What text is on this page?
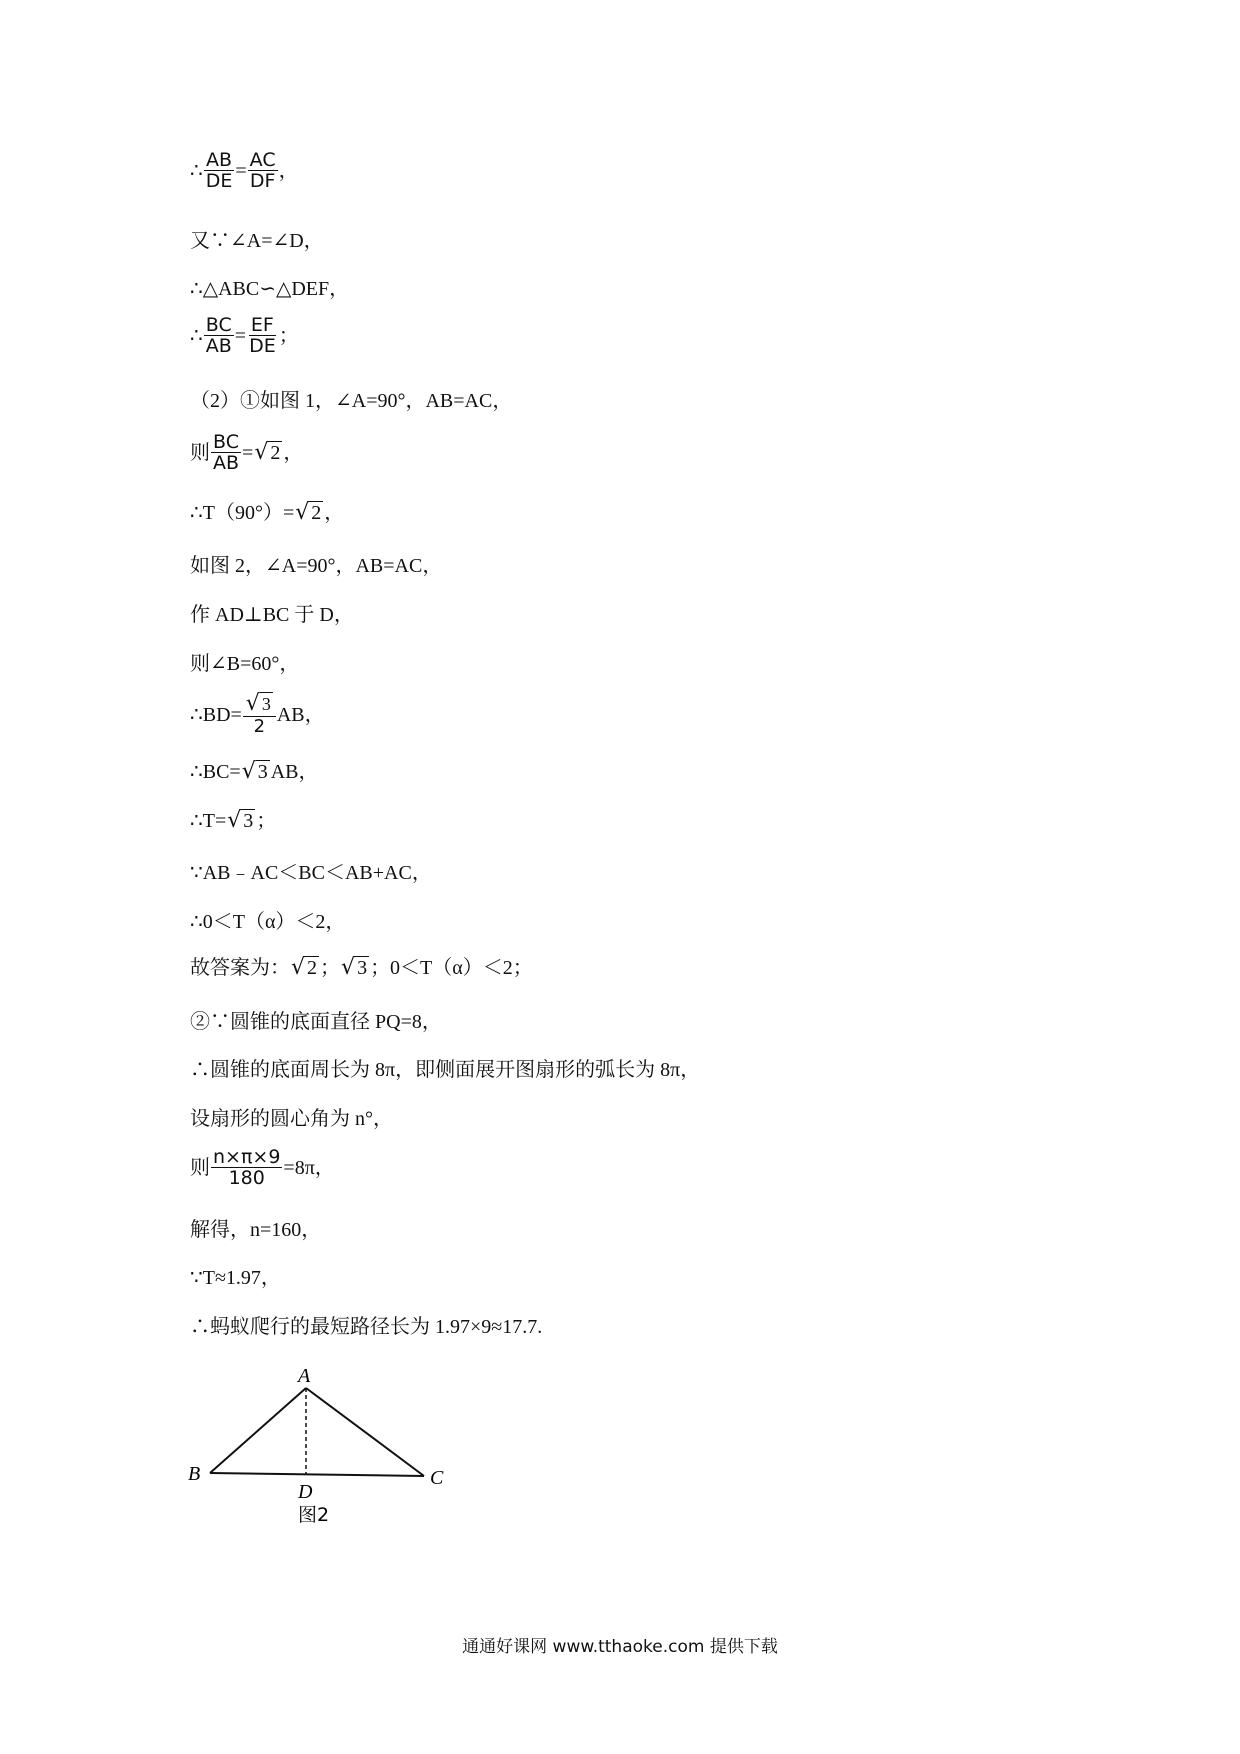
∴ $\frac{AB}{DE} = \frac{AC}{DF}$ ，
又∵∠A=∠D，
∴△ABC∽△DEF，
∴ $\frac{BC}{AB} = \frac{EF}{DE}$ ；
（2）①如图 1，∠A=90°，AB=AC，
则 $\frac{BC}{AB}$ = √ 2 ，
∴T（90°）= √ 2 ，
如图 2，∠A=90°，AB=AC，
作 AD⊥BC 于 D，
则∠B=60°，
∴BD= $\frac{√ 3}{2}$ AB，
∴BC= √ 3 AB，
∴T= √ 3 ；
∵AB﹣AC＜BC＜AB+AC，
∴0＜T（α）＜2，
故答案为： √ 2 ； √ 3 ；0＜T（α）＜2；
②∵圆锥的底面直径 PQ=8，
∴圆锥的底面周长为 8π，即侧面展开图扇形的弧长为 8π，
设扇形的圆心角为 n°，
则 $\frac{n\times\pi\times 9}{180} =8\pi$，
解得，n=160，
∵T≈1.97，
∴蚂蚁爬行的最短路径长为 1.97×9≈17.7.
A
B	C
D
图2
通通好课网 www.tthaoke.com 提供下载
